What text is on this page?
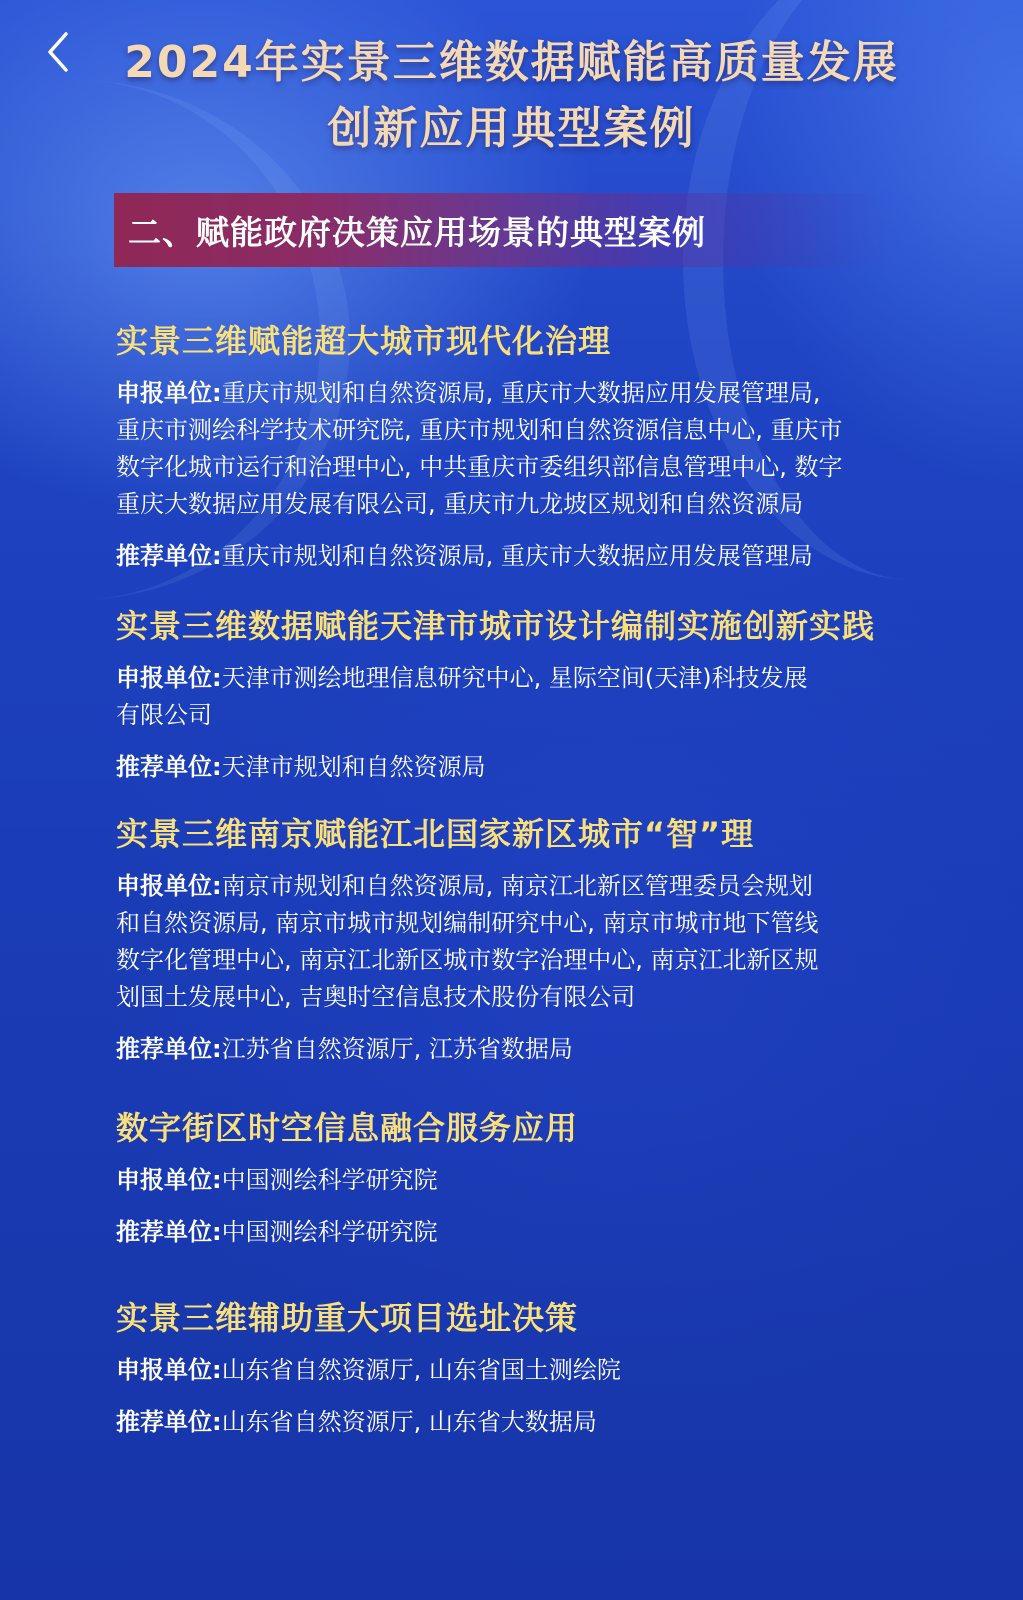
2024年实景三维数据赋能高质量发展
创新应用典型案例
二、赋能政府决策应用场景的典型案例
实景三维赋能超大城市现代化治理
申报单位:重庆市规划和自然资源局, 重庆市大数据应用发展管理局,
重庆市测绘科学技术研究院, 重庆市规划和自然资源信息中心, 重庆市
数字化城市运行和治理中心, 中共重庆市委组织部信息管理中心, 数字
重庆大数据应用发展有限公司, 重庆市九龙坡区规划和自然资源局
推荐单位:重庆市规划和自然资源局, 重庆市大数据应用发展管理局
实景三维数据赋能天津市城市设计编制实施创新实践
申报单位:天津市测绘地理信息研究中心, 星际空间(天津)科技发展
有限公司
推荐单位:天津市规划和自然资源局
实景三维南京赋能江北国家新区城市“智”理
申报单位:南京市规划和自然资源局, 南京江北新区管理委员会规划
和自然资源局, 南京市城市规划编制研究中心, 南京市城市地下管线
数字化管理中心, 南京江北新区城市数字治理中心, 南京江北新区规
划国土发展中心, 吉奥时空信息技术股份有限公司
推荐单位:江苏省自然资源厅, 江苏省数据局
数字街区时空信息融合服务应用
申报单位:中国测绘科学研究院
推荐单位:中国测绘科学研究院
实景三维辅助重大项目选址决策
申报单位:山东省自然资源厅, 山东省国土测绘院
推荐单位:山东省自然资源厅, 山东省大数据局
